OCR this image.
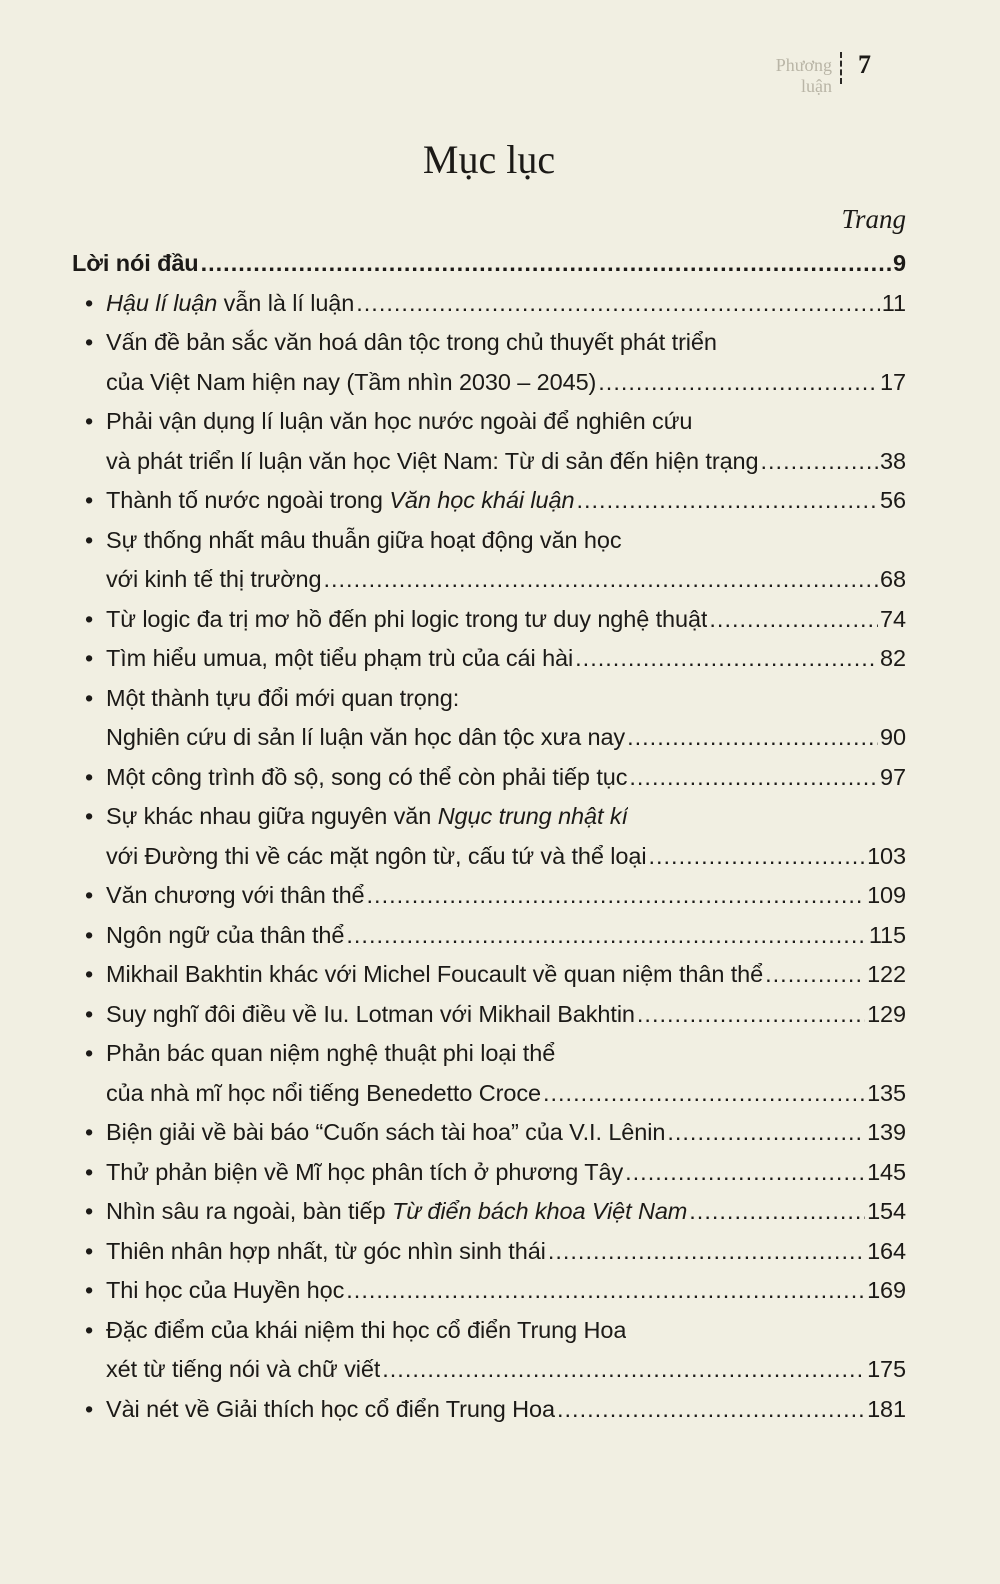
Phương luận
7
Mục lục
Trang
Lời nói đầu .....	9
• Hậu lí luận vẫn là lí luận .....	11
• Vấn đề bản sắc văn hoá dân tộc trong chủ thuyết phát triển
của Việt Nam hiện nay (Tầm nhìn 2030 – 2045) .....	17
• Phải vận dụng lí luận văn học nước ngoài để nghiên cứu
và phát triển lí luận văn học Việt Nam: Từ di sản đến hiện trạng .....	38
• Thành tố nước ngoài trong Văn học khái luận .....	56
• Sự thống nhất mâu thuẫn giữa hoạt động văn học
với kinh tế thị trường .....	68
• Từ logic đa trị mơ hồ đến phi logic trong tư duy nghệ thuật .....	74
• Tìm hiểu umua, một tiểu phạm trù của cái hài .....	82
• Một thành tựu đổi mới quan trọng:
Nghiên cứu di sản lí luận văn học dân tộc xưa nay .....	90
• Một công trình đồ sộ, song có thể còn phải tiếp tục .....	97
• Sự khác nhau giữa nguyên văn Ngục trung nhật kí
với Đường thi về các mặt ngôn từ, cấu tứ và thể loại .....	103
• Văn chương với thân thể .....	109
• Ngôn ngữ của thân thể .....	115
• Mikhail Bakhtin khác với Michel Foucault về quan niệm thân thể .....	122
• Suy nghĩ đôi điều về Iu. Lotman với Mikhail Bakhtin .....	129
• Phản bác quan niệm nghệ thuật phi loại thể
của nhà mĩ học nổi tiếng Benedetto Croce .....	135
• Biện giải về bài báo “Cuốn sách tài hoa” của V.I. Lênin .....	139
• Thử phản biện về Mĩ học phân tích ở phương Tây .....	145
• Nhìn sâu ra ngoài, bàn tiếp Từ điển bách khoa Việt Nam .....	154
• Thiên nhân hợp nhất, từ góc nhìn sinh thái .....	164
• Thi học của Huyền học .....	169
• Đặc điểm của khái niệm thi học cổ điển Trung Hoa
xét từ tiếng nói và chữ viết .....	175
• Vài nét về Giải thích học cổ điển Trung Hoa .....	181
